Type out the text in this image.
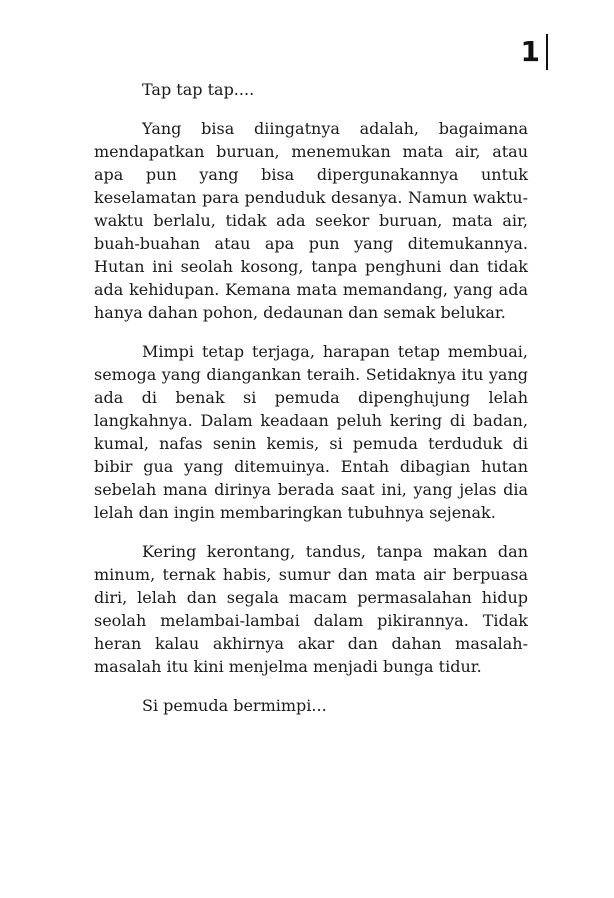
1

Tap tap tap....

Yang bisa diingatnya adalah, bagaimana mendapatkan buruan, menemukan mata air, atau apa pun yang bisa dipergunakannya untuk keselamatan para penduduk desanya. Namun waktu-waktu berlalu, tidak ada seekor buruan, mata air, buah-buahan atau apa pun yang ditemukannya. Hutan ini seolah kosong, tanpa penghuni dan tidak ada kehidupan. Kemana mata memandang, yang ada hanya dahan pohon, dedaunan dan semak belukar.

Mimpi tetap terjaga, harapan tetap membuai, semoga yang diangankan teraih. Setidaknya itu yang ada di benak si pemuda dipenghujung lelah langkahnya. Dalam keadaan peluh kering di badan, kumal, nafas senin kemis, si pemuda terduduk di bibir gua yang ditemuinya. Entah dibagian hutan sebelah mana dirinya berada saat ini, yang jelas dia lelah dan ingin membaringkan tubuhnya sejenak.

Kering kerontang, tandus, tanpa makan dan minum, ternak habis, sumur dan mata air berpuasa diri, lelah dan segala macam permasalahan hidup seolah melambai-lambai dalam pikirannya. Tidak heran kalau akhirnya akar dan dahan masalah-masalah itu kini menjelma menjadi bunga tidur.

Si pemuda bermimpi...
